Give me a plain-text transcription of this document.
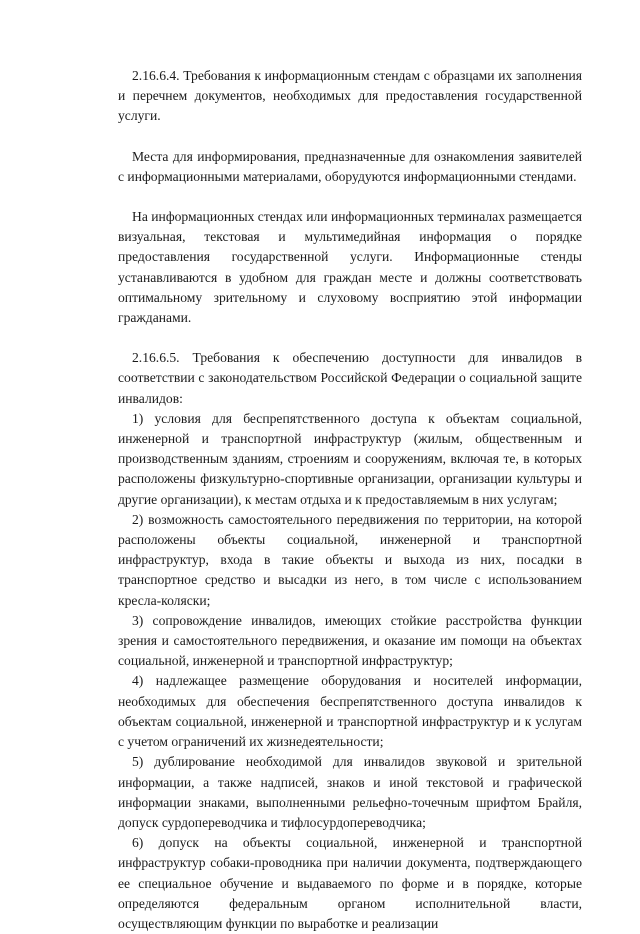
2.16.6.4. Требования к информационным стендам с образцами их заполнения и перечнем документов, необходимых для предоставления государственной услуги.

Места для информирования, предназначенные для ознакомления заявителей с информационными материалами, оборудуются информационными стендами.

На информационных стендах или информационных терминалах размещается визуальная, текстовая и мультимедийная информация о порядке предоставления государственной услуги. Информационные стенды устанавливаются в удобном для граждан месте и должны соответствовать оптимальному зрительному и слуховому восприятию этой информации гражданами.

2.16.6.5. Требования к обеспечению доступности для инвалидов в соответствии с законодательством Российской Федерации о социальной защите инвалидов:

1) условия для беспрепятственного доступа к объектам социальной, инженерной и транспортной инфраструктур (жилым, общественным и производственным зданиям, строениям и сооружениям, включая те, в которых расположены физкультурно-спортивные организации, организации культуры и другие организации), к местам отдыха и к предоставляемым в них услугам;
2) возможность самостоятельного передвижения по территории, на которой расположены объекты социальной, инженерной и транспортной инфраструктур, входа в такие объекты и выхода из них, посадки в транспортное средство и высадки из него, в том числе с использованием кресла-коляски;
3) сопровождение инвалидов, имеющих стойкие расстройства функции зрения и самостоятельного передвижения, и оказание им помощи на объектах социальной, инженерной и транспортной инфраструктур;
4) надлежащее размещение оборудования и носителей информации, необходимых для обеспечения беспрепятственного доступа инвалидов к объектам социальной, инженерной и транспортной инфраструктур и к услугам с учетом ограничений их жизнедеятельности;
5) дублирование необходимой для инвалидов звуковой и зрительной информации, а также надписей, знаков и иной текстовой и графической информации знаками, выполненными рельефно-точечным шрифтом Брайля, допуск сурдопереводчика и тифлосурдопереводчика;
6) допуск на объекты социальной, инженерной и транспортной инфраструктур собаки-проводника при наличии документа, подтверждающего ее специальное обучение и выдаваемого по форме и в порядке, которые определяются федеральным органом исполнительной власти, осуществляющим функции по выработке и реализации
